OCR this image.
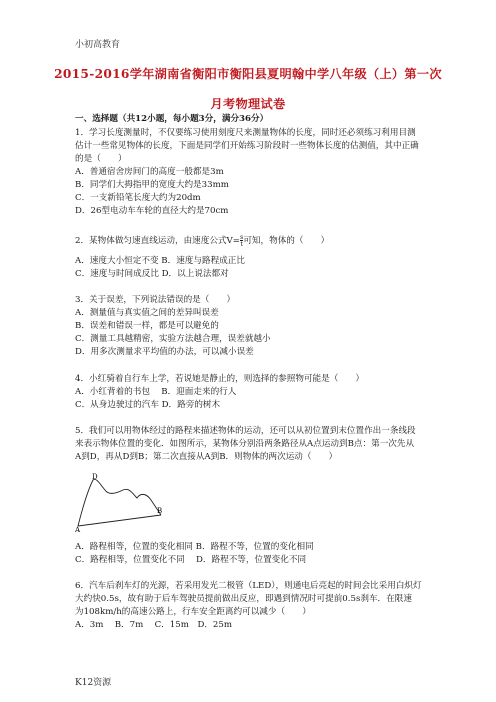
小初高教育
2015-2016学年湖南省衡阳市衡阳县夏明翰中学八年级（上）第一次
月考物理试卷
一、选择题（共12小题，每小题3分，满分36分）
1．学习长度测量时，不仅要练习使用刻度尺来测量物体的长度，同时还必须练习利用目测
估计一些常见物体的长度，下面是同学们开始练习阶段时一些物体长度的估测值，其中正确
的是（　　）
A．普通宿舍房间门的高度一般都是3m
B．同学们大拇指甲的宽度大约是33mm
C．一支新铅笔长度大约为20dm
D．26型电动车车轮的直径大约是70cm
2．某物体做匀速直线运动，由速度公式$V= \frac{s}{t}$ 可知，物体的（　　）
A．速度大小恒定不变 B．速度与路程成正比
C．速度与时间成反比 D．以上说法都对
3．关于误差，下列说法错误的是（　　）
A．测量值与真实值之间的差异叫误差
B．误差和错误一样，都是可以避免的
C．测量工具越精密，实验方法越合理，误差就越小
D．用多次测量求平均值的办法，可以减小误差
4．小红骑着自行车上学，若说她是静止的，则选择的参照物可能是（　　）
A．小红背着的书包　 B．迎面走来的行人
C．从身边驶过的汽车 D．路旁的树木
5．我们可以用物体经过的路程来描述物体的运动，还可以从初位置到末位置作出一条线段
来表示物体位置的变化．如图所示，某物体分别沿两条路径从A点运动到B点：第一次先从
A到D，再从D到B；第二次直接从A到B．则物体的两次运动（　　）
D
A
B
A．路程相等，位置的变化相同 B．路程不等，位置的变化相同
C．路程相等，位置变化不同　 D．路程不等，位置变化不同
6．汽车后刹车灯的光源，若采用发光二极管（LED），则通电后亮起的时间会比采用白炽灯
大约快0.5s，故有助于后车驾驶员提前做出反应，即遇到情况时可提前0.5s刹车．在限速
为108km/h的高速公路上，行车安全距离约可以减少（　　）
A．3m　 B．7m　 C．15m　D．25m
K12资源
